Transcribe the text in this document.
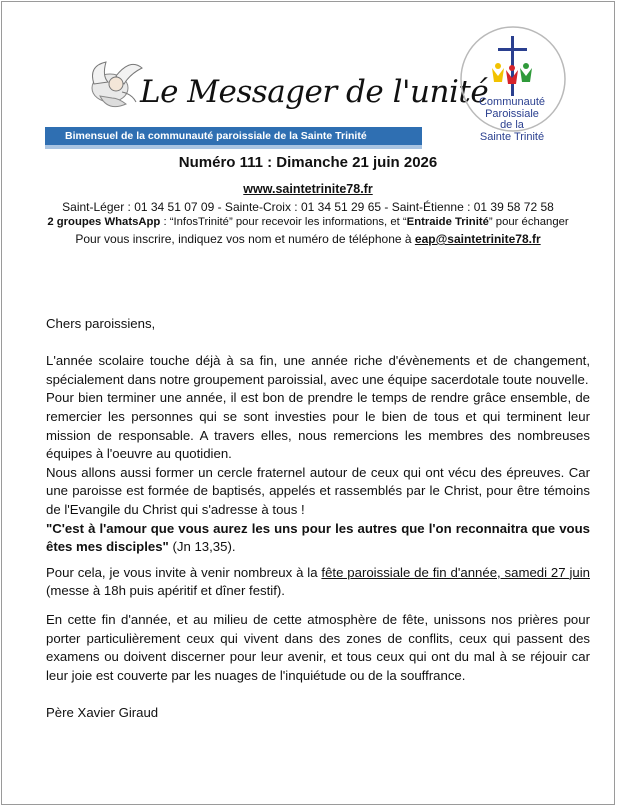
Le Messager de l'unité
Bimensuel de la communauté paroissiale de la Sainte Trinité
Communauté
Paroissiale
de la
Sainte Trinité
Numéro 111 : Dimanche 21 juin 2026
www.saintetrinite78.fr
Saint-Léger : 01 34 51 07 09 - Sainte-Croix : 01 34 51 29 65 - Saint-Étienne : 01 39 58 72 58
2 groupes WhatsApp : “InfosTrinité” pour recevoir les informations, et “Entraide Trinité” pour échanger
Pour vous inscrire, indiquez vos nom et numéro de téléphone à eap@saintetrinite78.fr

Chers paroissiens,

L'année scolaire touche déjà à sa fin, une année riche d'évènements et de changement, spécialement dans notre groupement paroissial, avec une équipe sacerdotale toute nouvelle.

Pour bien terminer une année, il est bon de prendre le temps de rendre grâce ensemble, de remercier les personnes qui se sont investies pour le bien de tous et qui terminent leur mission de responsable. A travers elles, nous remercions les membres des nombreuses équipes à l'oeuvre au quotidien.

Nous allons aussi former un cercle fraternel autour de ceux qui ont vécu des épreuves. Car une paroisse est formée de baptisés, appelés et rassemblés par le Christ, pour être témoins de l'Evangile du Christ qui s'adresse à tous !

"C'est à l'amour que vous aurez les uns pour les autres que l'on reconnaitra que vous êtes mes disciples" (Jn 13,35).

Pour cela, je vous invite à venir nombreux à la fête paroissiale de fin d'année, samedi 27 juin (messe à 18h puis apéritif et dîner festif).

En cette fin d'année, et au milieu de cette atmosphère de fête, unissons nos prières pour porter particulièrement ceux qui vivent dans des zones de conflits, ceux qui passent des examens ou doivent discerner pour leur avenir, et tous ceux qui ont du mal à se réjouir car leur joie est couverte par les nuages de l'inquiétude ou de la souffrance.

Père Xavier Giraud
